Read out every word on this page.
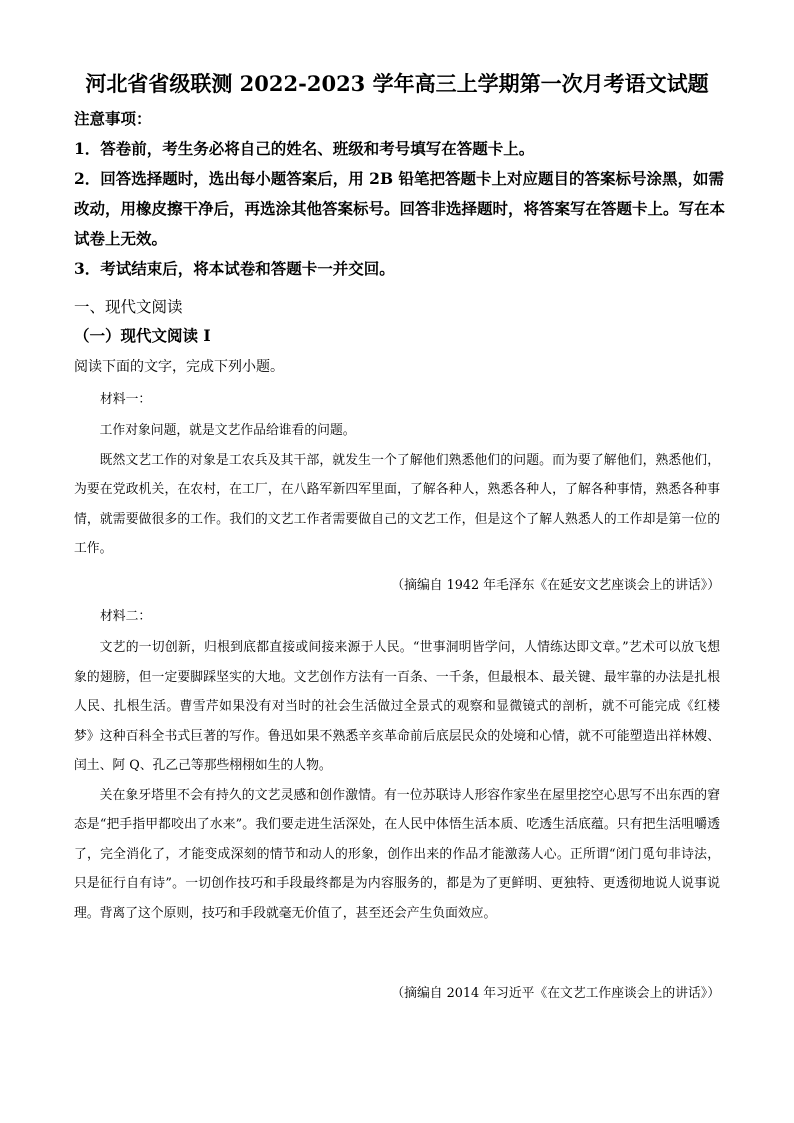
河北省省级联测 2022-2023 学年高三上学期第一次月考语文试题

注意事项：

1．答卷前，考生务必将自己的姓名、班级和考号填写在答题卡上。

2．回答选择题时，选出每小题答案后，用 2B 铅笔把答题卡上对应题目的答案标号涂黑，如需改动，用橡皮擦干净后，再选涂其他答案标号。回答非选择题时，将答案写在答题卡上。写在本试卷上无效。

3．考试结束后，将本试卷和答题卡一并交回。

一、现代文阅读
（一）现代文阅读 I
阅读下面的文字，完成下列小题。
材料一：

工作对象问题，就是文艺作品给谁看的问题。

既然文艺工作的对象是工农兵及其干部，就发生一个了解他们熟悉他们的问题。而为要了解他们，熟悉他们，为要在党政机关，在农村，在工厂，在八路军新四军里面，了解各种人，熟悉各种人，了解各种事情，熟悉各种事情，就需要做很多的工作。我们的文艺工作者需要做自己的文艺工作，但是这个了解人熟悉人的工作却是第一位的工作。

（摘编自 1942 年毛泽东《在延安文艺座谈会上的讲话》）
材料二：

文艺的一切创新，归根到底都直接或间接来源于人民。“世事洞明皆学问，人情练达即文章。”艺术可以放飞想象的翅膀，但一定要脚踩坚实的大地。文艺创作方法有一百条、一千条，但最根本、最关键、最牢靠的办法是扎根人民、扎根生活。曹雪芹如果没有对当时的社会生活做过全景式的观察和显微镜式的剖析，就不可能完成《红楼梦》这种百科全书式巨著的写作。鲁迅如果不熟悉辛亥革命前后底层民众的处境和心情，就不可能塑造出祥林嫂、闰土、阿 Q、孔乙己等那些栩栩如生的人物。

关在象牙塔里不会有持久的文艺灵感和创作激情。有一位苏联诗人形容作家坐在屋里挖空心思写不出东西的窘态是“把手指甲都咬出了水来”。我们要走进生活深处，在人民中体悟生活本质、吃透生活底蕴。只有把生活咀嚼透了，完全消化了，才能变成深刻的情节和动人的形象，创作出来的作品才能激荡人心。正所谓“闭门觅句非诗法，只是征行自有诗”。一切创作技巧和手段最终都是为内容服务的，都是为了更鲜明、更独特、更透彻地说人说事说理。背离了这个原则，技巧和手段就毫无价值了，甚至还会产生负面效应。

（摘编自 2014 年习近平《在文艺工作座谈会上的讲话》）
